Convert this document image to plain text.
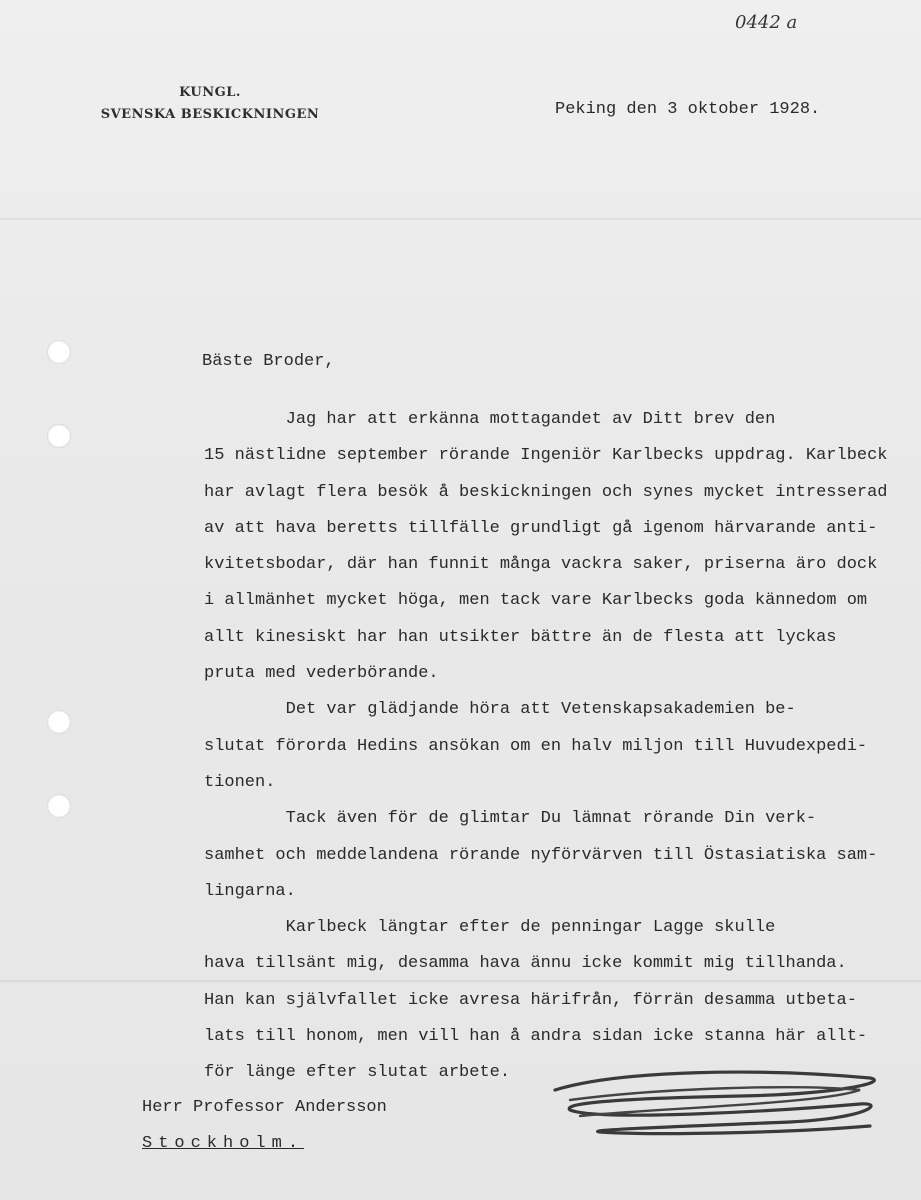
0442 a
KUNGL.
SVENSKA BESKICKNINGEN	Peking den 3 oktober 1928.
Bäste Broder,
Jag har att erkänna mottagandet av Ditt brev den
15 nästlidne september rörande Ingeniör Karlbecks uppdrag. Karlbeck
har avlagt flera besök å beskickningen och synes mycket intresserad
av att hava beretts tillfälle grundligt gå igenom härvarande anti-
kvitetsbodar, där han funnit många vackra saker, priserna äro dock
i allmänhet mycket höga, men tack vare Karlbecks goda kännedom om
allt kinesiskt har han utsikter bättre än de flesta att lyckas
pruta med vederbörande.
Det var glädjande höra att Vetenskapsakademien be-
slutat förorda Hedins ansökan om en halv miljon till Huvudexpedi-
tionen.
Tack även för de glimtar Du lämnat rörande Din verk-
samhet och meddelandena rörande nyförvärven till Östasiatiska sam-
lingarna.
Karlbeck längtar efter de penningar Lagge skulle
hava tillsänt mig, desamma hava ännu icke kommit mig tillhanda.
Han kan självfallet icke avresa härifrån, förrän desamma utbeta-
lats till honom, men vill han å andra sidan icke stanna här allt-
för länge efter slutat arbete.
Herr Professor Andersson
Stockholm.
